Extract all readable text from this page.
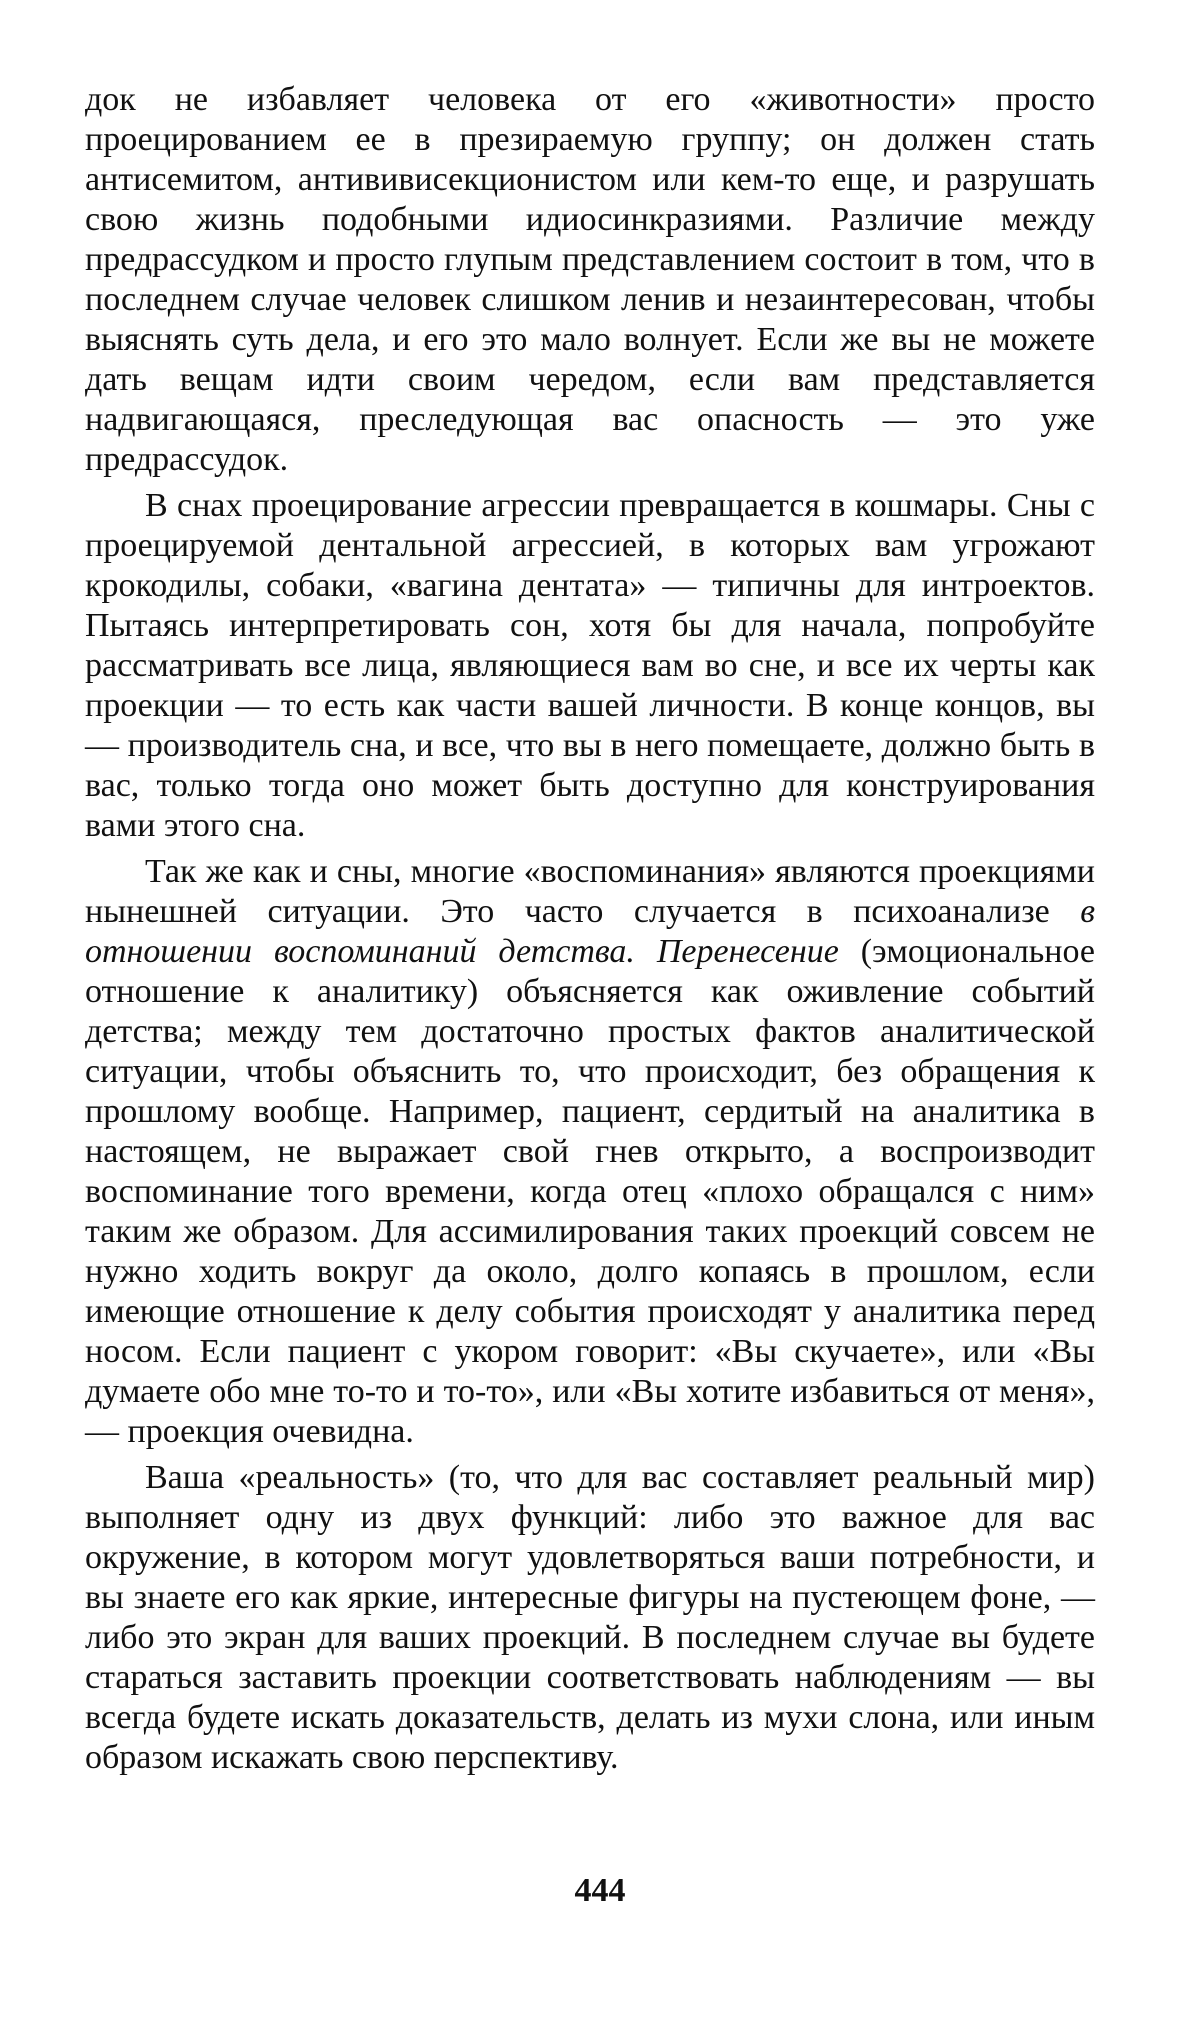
док не избавляет человека от его «животности» просто проецированием ее в презираемую группу; он должен стать антисемитом, антививисекционистом или кем-то еще, и разрушать свою жизнь подобными идиосинкразиями. Различие между предрассудком и просто глупым представлением состоит в том, что в последнем случае человек слишком ленив и незаинтересован, чтобы выяснять суть дела, и его это мало волнует. Если же вы не можете дать вещам идти своим чередом, если вам представляется надвигающаяся, преследующая вас опасность — это уже предрассудок.

В снах проецирование агрессии превращается в кошмары. Сны с проецируемой дентальной агрессией, в которых вам угрожают крокодилы, собаки, «вагина дентата» — типичны для интроектов. Пытаясь интерпретировать сон, хотя бы для начала, попробуйте рассматривать все лица, являющиеся вам во сне, и все их черты как проекции — то есть как части вашей личности. В конце концов, вы — производитель сна, и все, что вы в него помещаете, должно быть в вас, только тогда оно может быть доступно для конструирования вами этого сна.

Так же как и сны, многие «воспоминания» являются проекциями нынешней ситуации. Это часто случается в психоанализе в отношении воспоминаний детства. Перенесение (эмоциональное отношение к аналитику) объясняется как оживление событий детства; между тем достаточно простых фактов аналитической ситуации, чтобы объяснить то, что происходит, без обращения к прошлому вообще. Например, пациент, сердитый на аналитика в настоящем, не выражает свой гнев открыто, а воспроизводит воспоминание того времени, когда отец «плохо обращался с ним» таким же образом. Для ассимилирования таких проекций совсем не нужно ходить вокруг да около, долго копаясь в прошлом, если имеющие отношение к делу события происходят у аналитика перед носом. Если пациент с укором говорит: «Вы скучаете», или «Вы думаете обо мне то-то и то-то», или «Вы хотите избавиться от меня», — проекция очевидна.

Ваша «реальность» (то, что для вас составляет реальный мир) выполняет одну из двух функций: либо это важное для вас окружение, в котором могут удовлетворяться ваши потребности, и вы знаете его как яркие, интересные фигуры на пустеющем фоне, — либо это экран для ваших проекций. В последнем случае вы будете стараться заставить проекции соответствовать наблюдениям — вы всегда будете искать доказательств, делать из мухи слона, или иным образом искажать свою перспективу.

444
